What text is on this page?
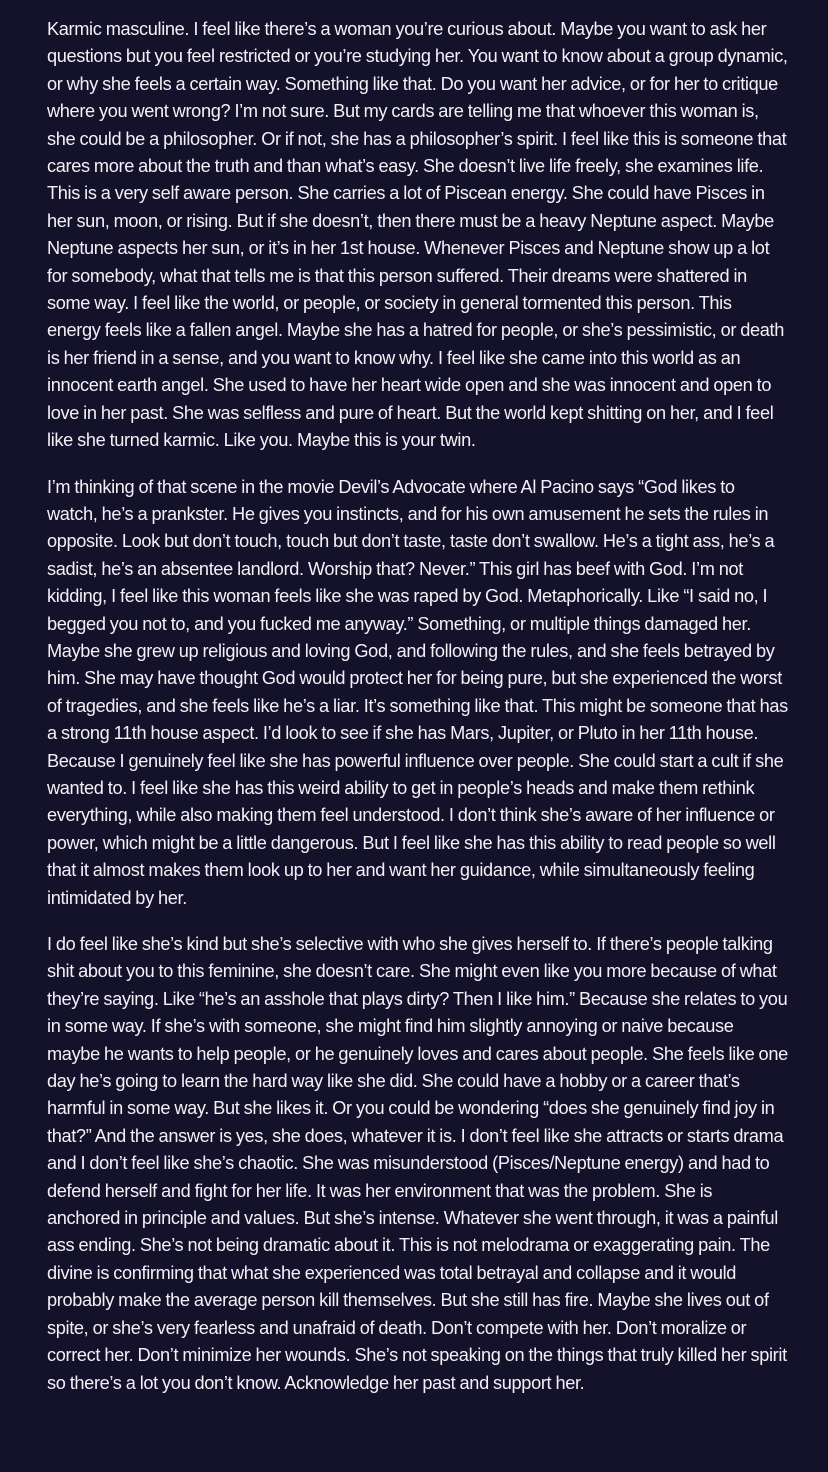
Karmic masculine. I feel like there’s a woman you’re curious about. Maybe you want to ask her questions but you feel restricted or you’re studying her. You want to know about a group dynamic, or why she feels a certain way. Something like that. Do you want her advice, or for her to critique where you went wrong? I’m not sure. But my cards are telling me that whoever this woman is, she could be a philosopher. Or if not, she has a philosopher’s spirit. I feel like this is someone that cares more about the truth and than what’s easy. She doesn’t live life freely, she examines life. This is a very self aware person. She carries a lot of Piscean energy. She could have Pisces in her sun, moon, or rising. But if she doesn’t, then there must be a heavy Neptune aspect. Maybe Neptune aspects her sun, or it’s in her 1st house. Whenever Pisces and Neptune show up a lot for somebody, what that tells me is that this person suffered. Their dreams were shattered in some way. I feel like the world, or people, or society in general tormented this person. This energy feels like a fallen angel. Maybe she has a hatred for people, or she’s pessimistic, or death is her friend in a sense, and you want to know why. I feel like she came into this world as an innocent earth angel. She used to have her heart wide open and she was innocent and open to love in her past. She was selfless and pure of heart. But the world kept shitting on her, and I feel like she turned karmic. Like you. Maybe this is your twin.

I’m thinking of that scene in the movie Devil’s Advocate where Al Pacino says “God likes to watch, he’s a prankster. He gives you instincts, and for his own amusement he sets the rules in opposite. Look but don’t touch, touch but don’t taste, taste don’t swallow. He’s a tight ass, he’s a sadist, he’s an absentee landlord. Worship that? Never.” This girl has beef with God. I’m not kidding, I feel like this woman feels like she was raped by God. Metaphorically. Like “I said no, I begged you not to, and you fucked me anyway.” Something, or multiple things damaged her. Maybe she grew up religious and loving God, and following the rules, and she feels betrayed by him. She may have thought God would protect her for being pure, but she experienced the worst of tragedies, and she feels like he’s a liar. It’s something like that. This might be someone that has a strong 11th house aspect. I’d look to see if she has Mars, Jupiter, or Pluto in her 11th house. Because I genuinely feel like she has powerful influence over people. She could start a cult if she wanted to. I feel like she has this weird ability to get in people’s heads and make them rethink everything, while also making them feel understood. I don’t think she’s aware of her influence or power, which might be a little dangerous. But I feel like she has this ability to read people so well that it almost makes them look up to her and want her guidance, while simultaneously feeling intimidated by her.

I do feel like she’s kind but she’s selective with who she gives herself to. If there’s people talking shit about you to this feminine, she doesn’t care. She might even like you more because of what they’re saying. Like “he’s an asshole that plays dirty? Then I like him.” Because she relates to you in some way. If she’s with someone, she might find him slightly annoying or naive because maybe he wants to help people, or he genuinely loves and cares about people. She feels like one day he’s going to learn the hard way like she did. She could have a hobby or a career that’s harmful in some way. But she likes it. Or you could be wondering “does she genuinely find joy in that?” And the answer is yes, she does, whatever it is. I don’t feel like she attracts or starts drama and I don’t feel like she’s chaotic. She was misunderstood (Pisces/Neptune energy) and had to defend herself and fight for her life. It was her environment that was the problem. She is anchored in principle and values. But she’s intense. Whatever she went through, it was a painful ass ending. She’s not being dramatic about it. This is not melodrama or exaggerating pain. The divine is confirming that what she experienced was total betrayal and collapse and it would probably make the average person kill themselves. But she still has fire. Maybe she lives out of spite, or she’s very fearless and unafraid of death. Don’t compete with her. Don’t moralize or correct her. Don’t minimize her wounds. She’s not speaking on the things that truly killed her spirit so there’s a lot you don’t know. Acknowledge her past and support her.
